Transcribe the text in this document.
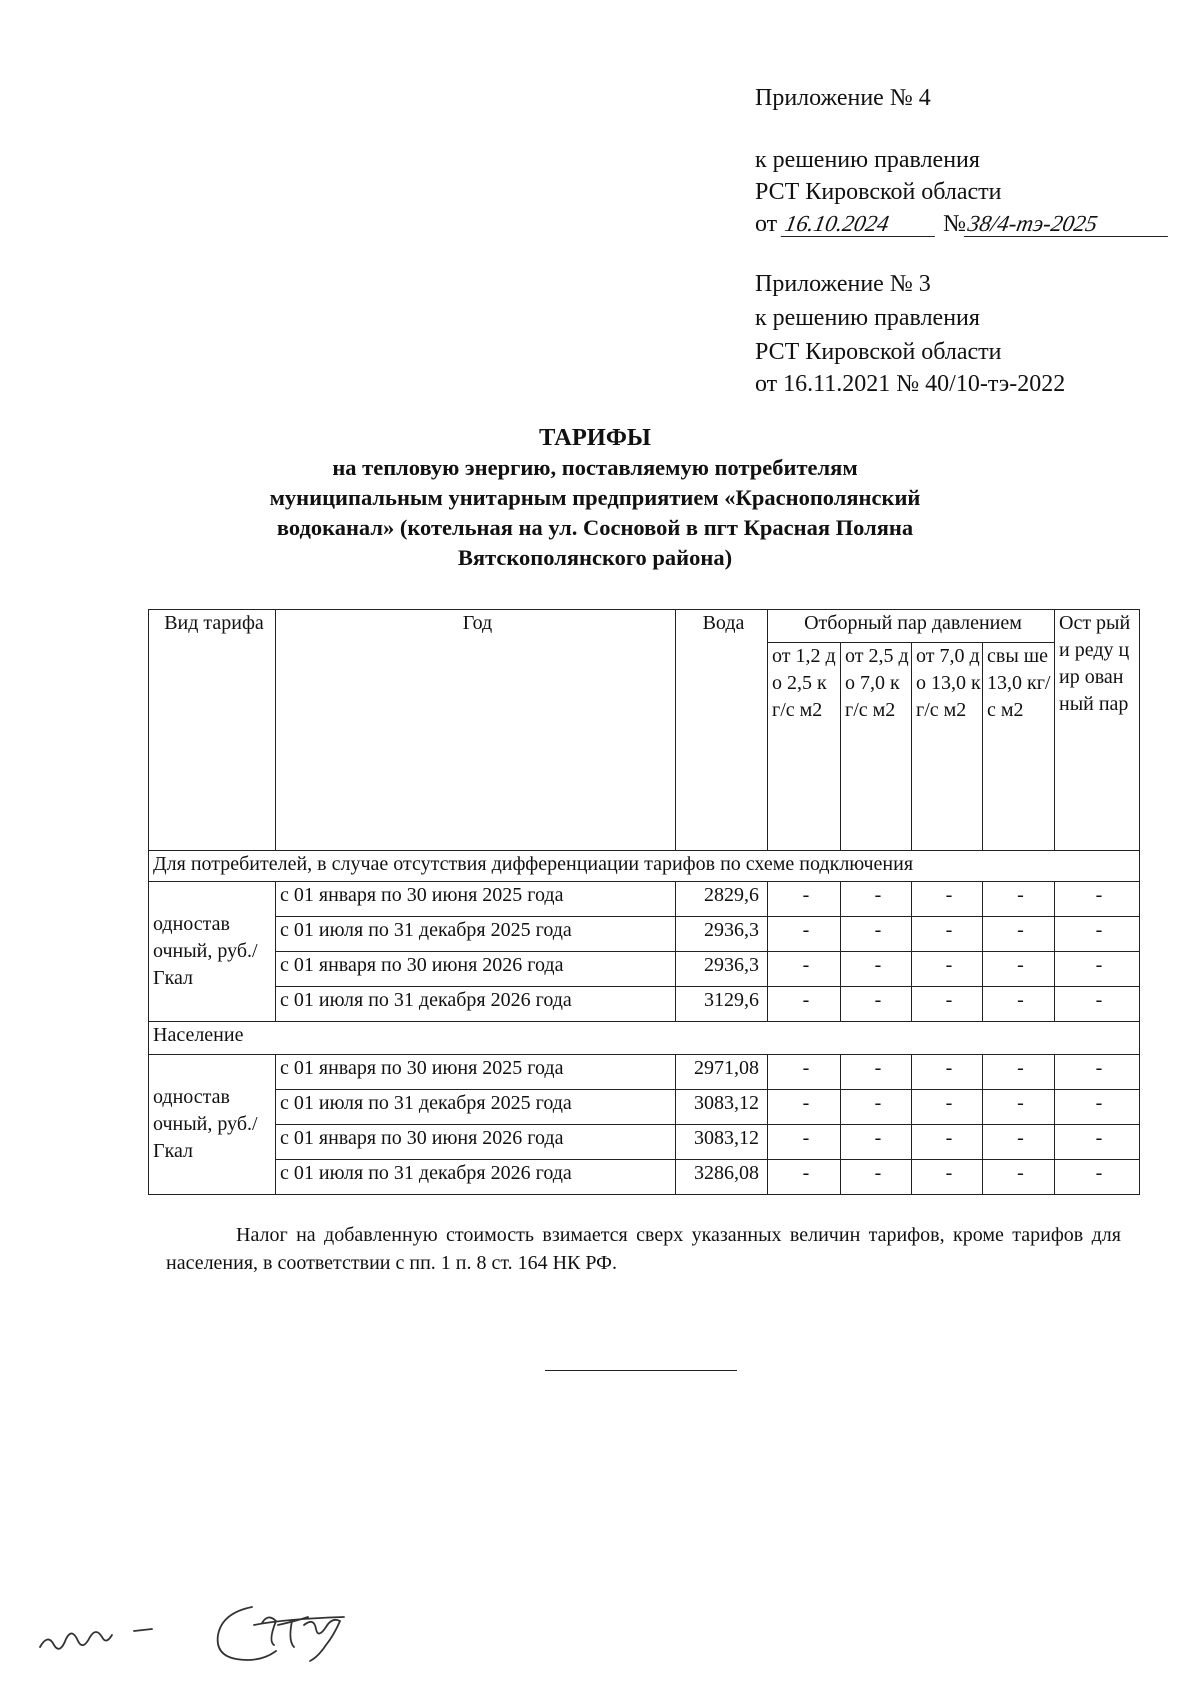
Приложение № 4
к решению правления
РСТ Кировской области
от 16.10.2024 №38/4-тэ-2025
Приложение № 3
к решению правления
РСТ Кировской области
от 16.11.2021 № 40/10-тэ-2022
ТАРИФЫ
на тепловую энергию, поставляемую потребителям
муниципальным унитарным предприятием «Краснополянский
водоканал» (котельная на ул. Сосновой в пгт Красная Поляна
Вятскополянского района)
Вид тарифа	Год	Вода	Отборный пар давлением				Ост рый и реду цир ован ный пар
			от 1,2 до 2,5 кг/с м2	от 2,5 до 7,0 кг/с м2	от 7,0 до 13,0 кг/с м2	свы ше 13,0 кг/с м2	
Для потребителей, в случае отсутствия дифференциации тарифов по схеме подключения							
одностав очный, руб./Гкал	с 01 января по 30 июня 2025 года	2829,6	-	-	-	-	-
	с 01 июля по 31 декабря 2025 года	2936,3	-	-	-	-	-
	с 01 января по 30 июня 2026 года	2936,3	-	-	-	-	-
	с 01 июля по 31 декабря 2026 года	3129,6	-	-	-	-	-
Население							
одностав очный, руб./Гкал	с 01 января по 30 июня 2025 года	2971,08	-	-	-	-	-
	с 01 июля по 31 декабря 2025 года	3083,12	-	-	-	-	-
	с 01 января по 30 июня 2026 года	3083,12	-	-	-	-	-
	с 01 июля по 31 декабря 2026 года	3286,08	-	-	-	-	-
Налог на добавленную стоимость взимается сверх указанных величин тарифов, кроме тарифов для населения, в соответствии с пп. 1 п. 8 ст. 164 НК РФ.
